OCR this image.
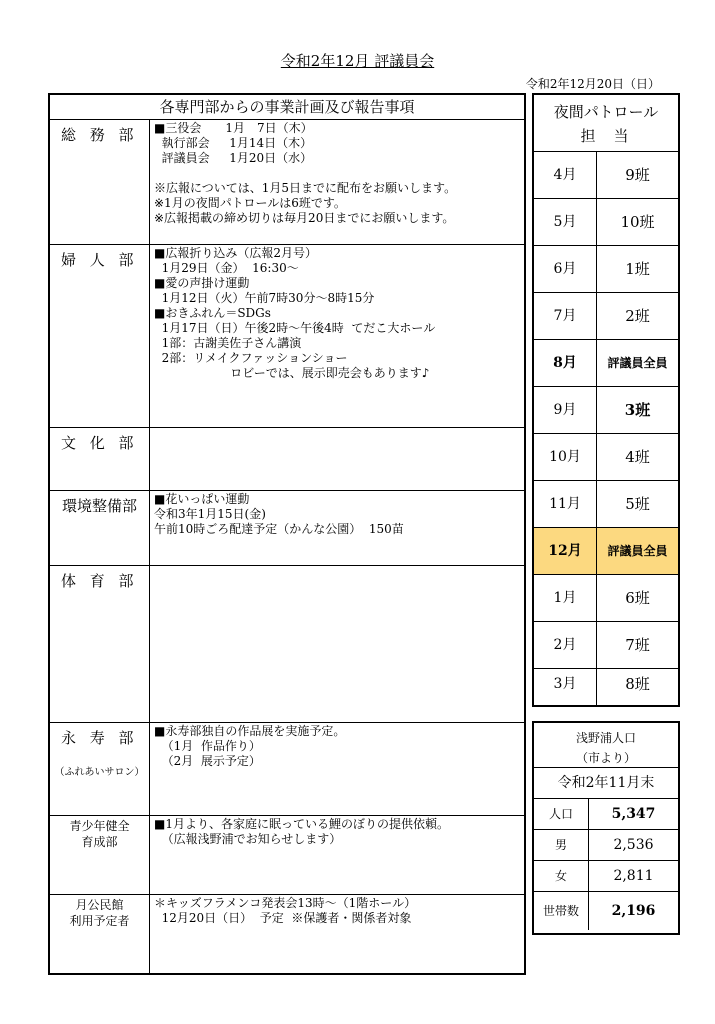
令和2年12月 評議員会
令和2年12月20日（日）
各専門部からの事業計画及び報告事項
総 務 部	■三役会　　1月　7日（木）
執行部会　  1月14日（木）
評議員会　  1月20日（水）

※広報については、1月5日までに配布をお願いします。
※1月の夜間パトロールは6班です。
※広報掲載の締め切りは毎月20日までにお願いします。
婦 人 部	■広報折り込み（広報2月号）
1月29日（金）  16:30〜
■愛の声掛け運動
1月12日（火）午前7時30分〜8時15分
■おきふれん＝SDGs
1月17日（日）午後2時〜午後4時  てだこ大ホール
1部：古謝美佐子さん講演
2部：リメイクファッションショー
ロビーでは、展示即売会もあります♪
文 化 部
環境整備部	■花いっぱい運動
令和3年1月15日(金)
午前10時ごろ配達予定（かんな公園）  150苗
体 育 部
永 寿 部
（ふれあいサロン）
■永寿部独自の作品展を実施予定。
（1月  作品作り）
（2月  展示予定）
青少年健全
育成部
■1月より、各家庭に眠っている鯉のぼりの提供依頼。
（広報浅野浦でお知らせします）
月公民館
利用予定者
＊キッズフラメンコ発表会13時〜（1階ホール）
12月20日（日）  予定  ※保護者・関係者対象
夜間パトロール
担当
4月	9班
5月	10班
6月	1班
7月	2班
8月	評議員全員
9月	3班
10月	4班
11月	5班
12月	評議員全員
1月	6班
2月	7班
3月	8班
浅野浦人口
（市より）
令和2年11月末
人口	5,347
男	2,536
女	2,811
世帯数	2,196
